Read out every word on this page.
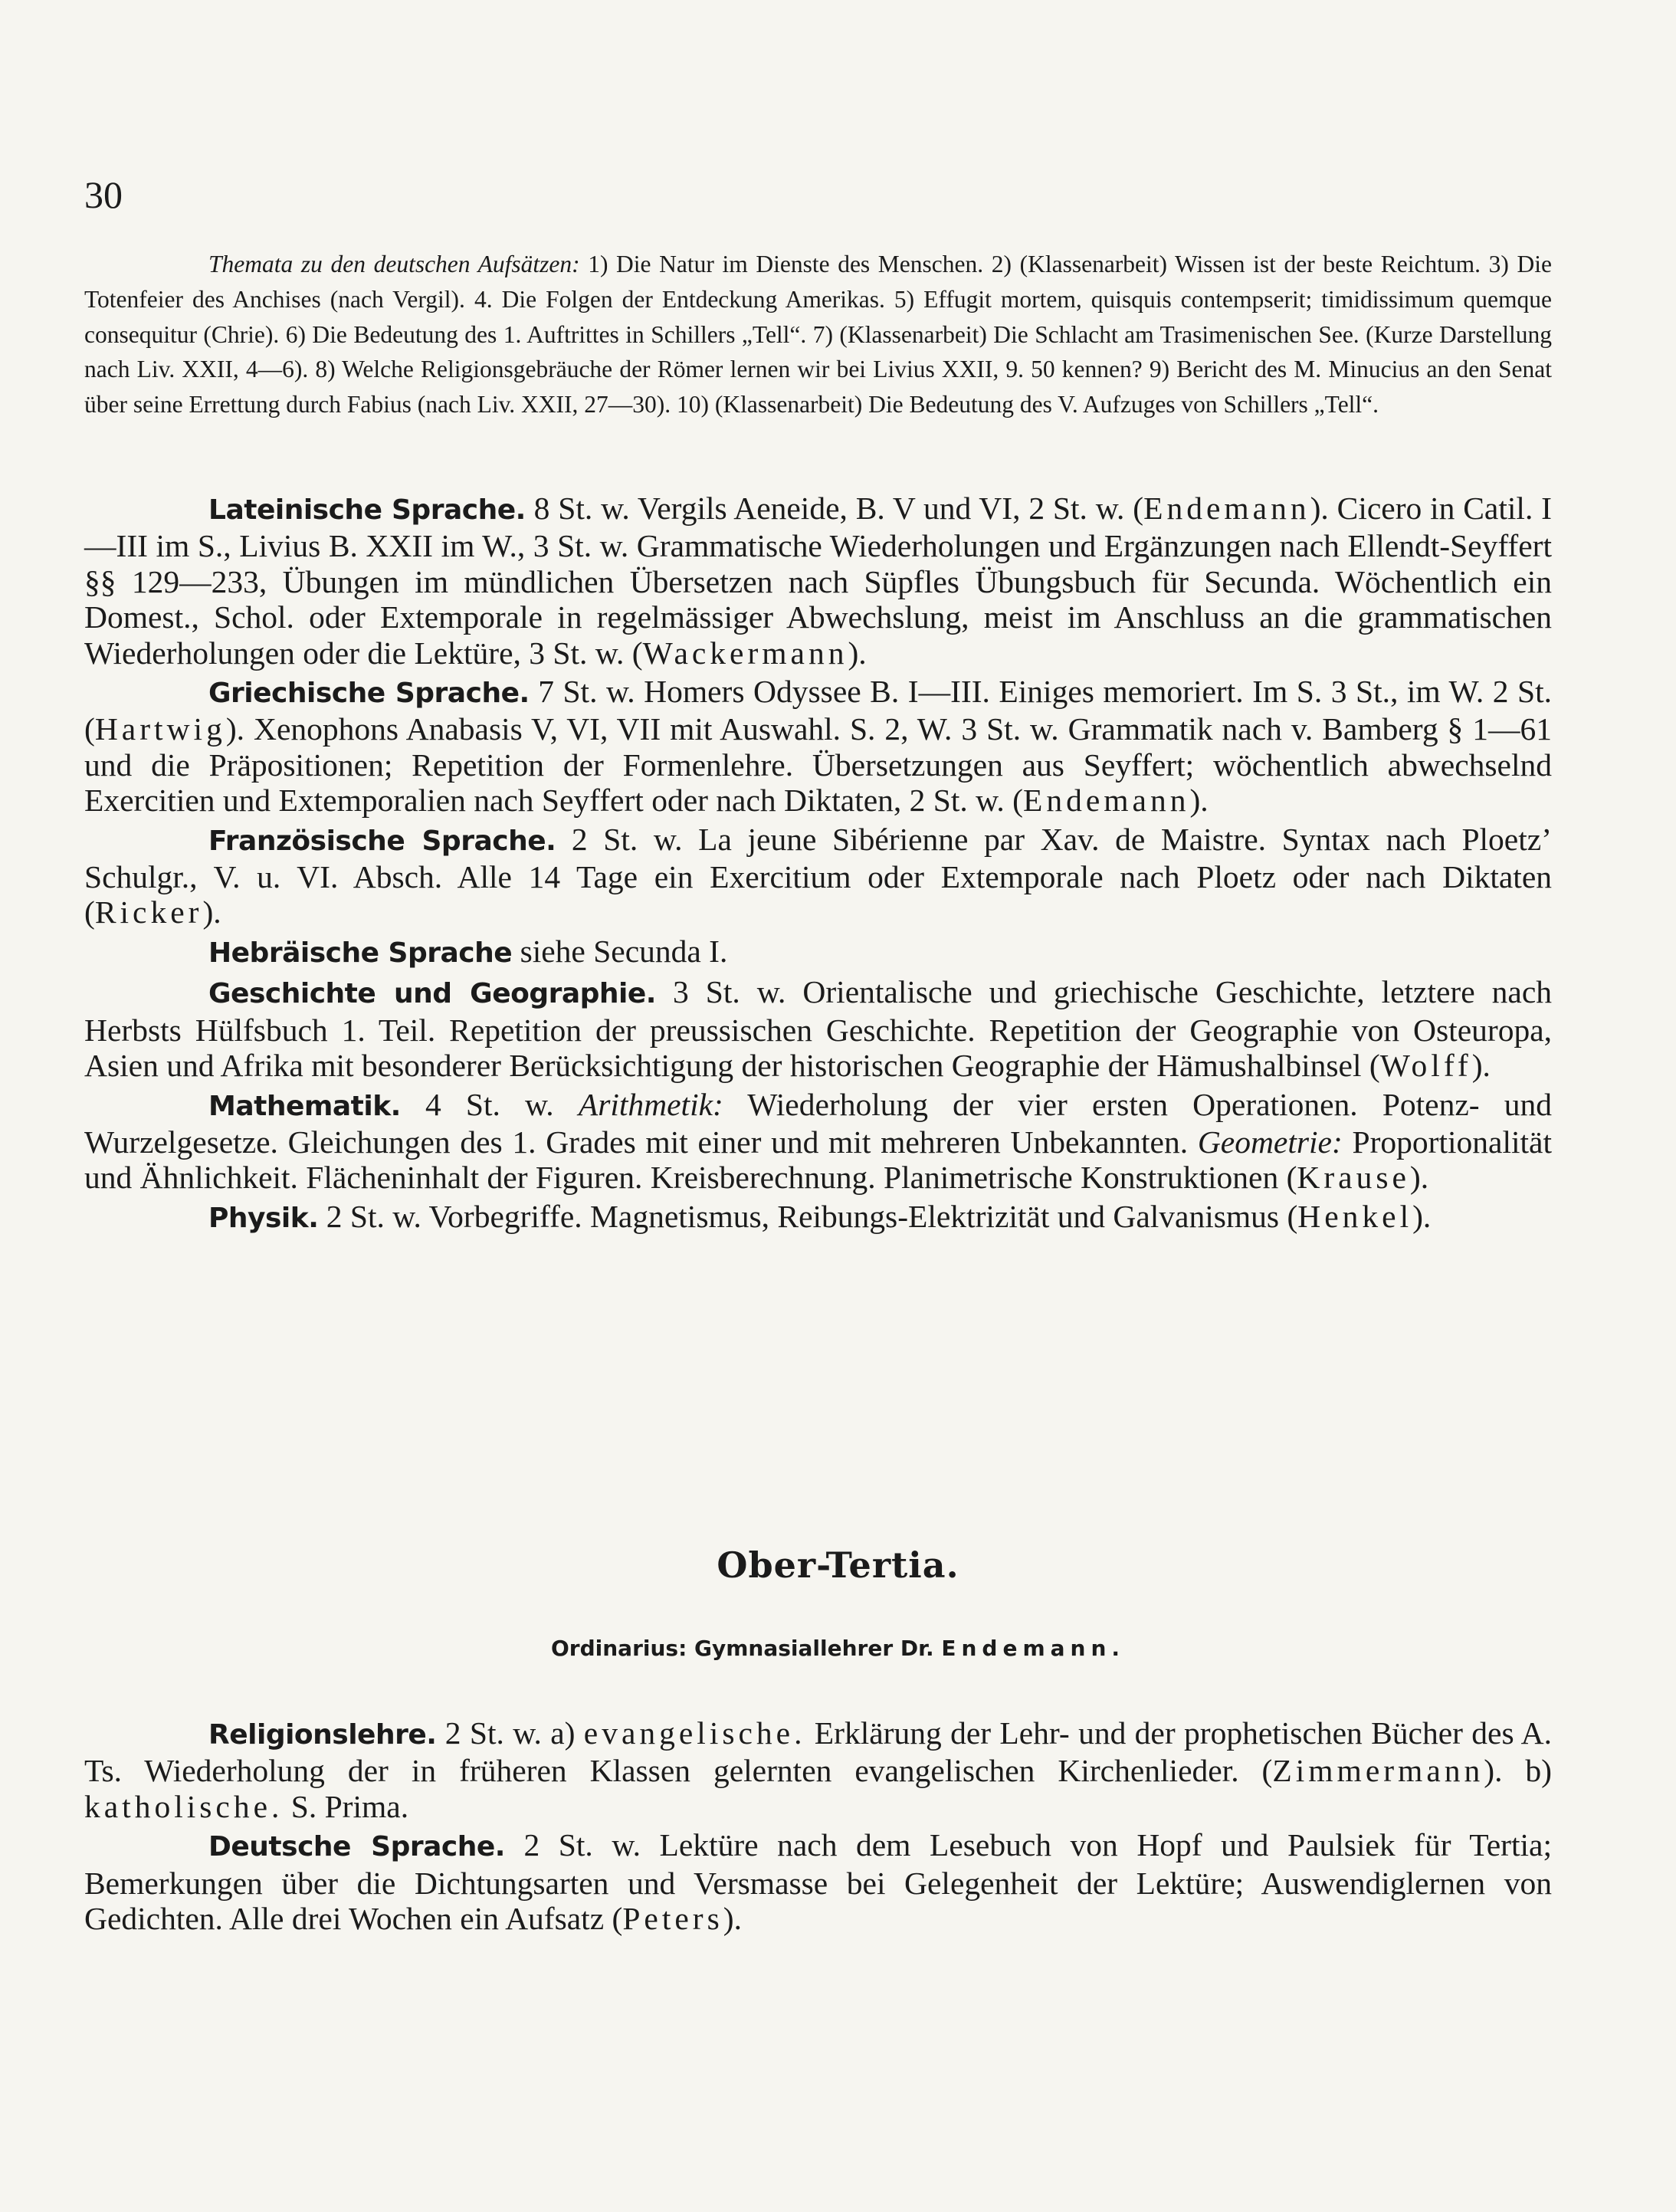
30
Themata zu den deutschen Aufsätzen: 1) Die Natur im Dienste des Menschen. 2) (Klassenarbeit) Wissen ist der beste Reichtum. 3) Die Totenfeier des Anchises (nach Vergil). 4. Die Folgen der Entdeckung Amerikas. 5) Effugit mortem, quisquis contempserit; timidissimum quemque consequitur (Chrie). 6) Die Bedeutung des 1. Auftrittes in Schillers „Tell“. 7) (Klassenarbeit) Die Schlacht am Trasimenischen See. (Kurze Darstellung nach Liv. XXII, 4—6). 8) Welche Religionsgebräuche der Römer lernen wir bei Livius XXII, 9. 50 kennen? 9) Bericht des M. Minucius an den Senat über seine Errettung durch Fabius (nach Liv. XXII, 27—30). 10) (Klassenarbeit) Die Bedeutung des V. Aufzuges von Schillers „Tell“.

Lateinische Sprache. 8 St. w. Vergils Aeneide, B. V und VI, 2 St. w. (Endemann). Cicero in Catil. I—III im S., Livius B. XXII im W., 3 St. w. Grammatische Wiederholungen und Ergänzungen nach Ellendt-Seyffert §§ 129—233, Übungen im mündlichen Übersetzen nach Süpfles Übungsbuch für Secunda. Wöchentlich ein Domest., Schol. oder Extemporale in regelmässiger Abwechslung, meist im Anschluss an die grammatischen Wiederholungen oder die Lektüre, 3 St. w. (Wackermann).

Griechische Sprache. 7 St. w. Homers Odyssee B. I—III. Einiges memoriert. Im S. 3 St., im W. 2 St. (Hartwig). Xenophons Anabasis V, VI, VII mit Auswahl. S. 2, W. 3 St. w. Grammatik nach v. Bamberg § 1—61 und die Präpositionen; Repetition der Formenlehre. Übersetzungen aus Seyffert; wöchentlich abwechselnd Exercitien und Extemporalien nach Seyffert oder nach Diktaten, 2 St. w. (Endemann).

Französische Sprache. 2 St. w. La jeune Sibérienne par Xav. de Maistre. Syntax nach Ploetz’ Schulgr., V. u. VI. Absch. Alle 14 Tage ein Exercitium oder Extemporale nach Ploetz oder nach Diktaten (Ricker).

Hebräische Sprache siehe Secunda I.

Geschichte und Geographie. 3 St. w. Orientalische und griechische Geschichte, letztere nach Herbsts Hülfsbuch 1. Teil. Repetition der preussischen Geschichte. Repetition der Geographie von Osteuropa, Asien und Afrika mit besonderer Berücksichtigung der historischen Geographie der Hämushalbinsel (Wolff).

Mathematik. 4 St. w. Arithmetik: Wiederholung der vier ersten Operationen. Potenz- und Wurzelgesetze. Gleichungen des 1. Grades mit einer und mit mehreren Unbekannten. Geometrie: Proportionalität und Ähnlichkeit. Flächeninhalt der Figuren. Kreisberechnung. Planimetrische Konstruktionen (Krause).

Physik. 2 St. w. Vorbegriffe. Magnetismus, Reibungs-Elektrizität und Galvanismus (Henkel).

Ober-Tertia.
Ordinarius: Gymnasiallehrer Dr. Endemann.

Religionslehre. 2 St. w. a) evangelische. Erklärung der Lehr- und der prophetischen Bücher des A. Ts. Wiederholung der in früheren Klassen gelernten evangelischen Kirchenlieder. (Zimmermann). b) katholische. S. Prima.

Deutsche Sprache. 2 St. w. Lektüre nach dem Lesebuch von Hopf und Paulsiek für Tertia; Bemerkungen über die Dichtungsarten und Versmasse bei Gelegenheit der Lektüre; Auswendiglernen von Gedichten. Alle drei Wochen ein Aufsatz (Peters).
